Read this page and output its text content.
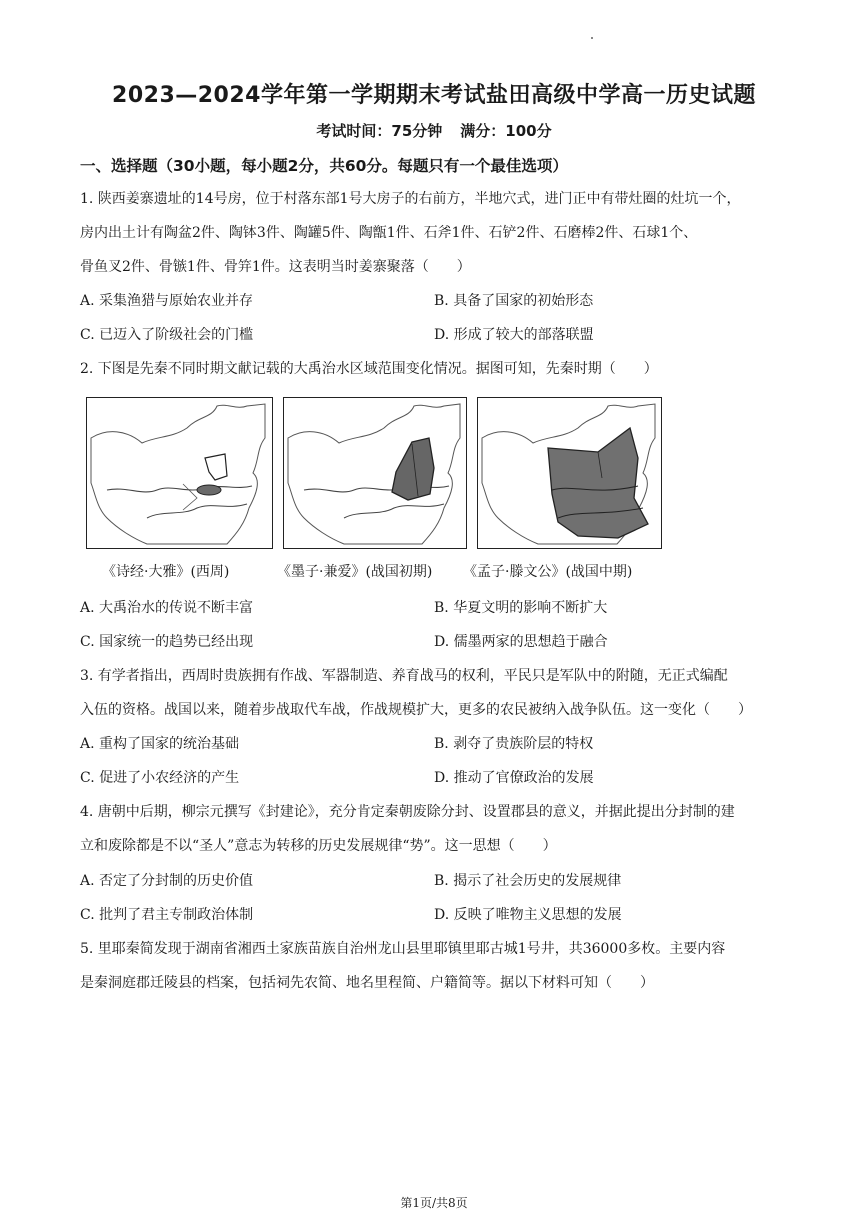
2023—2024学年第一学期期末考试盐田高级中学高一历史试题
考试时间：75分钟 满分：100分
一、选择题（30小题，每小题2分，共60分。每题只有一个最佳选项）
1. 陕西姜寨遗址的14号房，位于村落东部1号大房子的右前方，半地穴式，进门正中有带灶圈的灶坑一个，
房内出土计有陶盆2件、陶钵3件、陶罐5件、陶甑1件、石斧1件、石铲2件、石磨棒2件、石球1个、
骨鱼叉2件、骨镞1件、骨笄1件。这表明当时姜寨聚落（　　）
A. 采集渔猎与原始农业并存	B. 具备了国家的初始形态
C. 已迈入了阶级社会的门槛	D. 形成了较大的部落联盟
2. 下图是先秦不同时期文献记载的大禹治水区域范围变化情况。据图可知，先秦时期（　　）
《诗经·大雅》(西周)	《墨子·兼爱》(战国初期) 《孟子·滕文公》(战国中期)
A. 大禹治水的传说不断丰富	B. 华夏文明的影响不断扩大
C. 国家统一的趋势已经出现	D. 儒墨两家的思想趋于融合
3. 有学者指出，西周时贵族拥有作战、军器制造、养育战马的权利，平民只是军队中的附随，无正式编配
入伍的资格。战国以来，随着步战取代车战，作战规模扩大，更多的农民被纳入战争队伍。这一变化（　　）
A. 重构了国家的统治基础	B. 剥夺了贵族阶层的特权
C. 促进了小农经济的产生	D. 推动了官僚政治的发展
4. 唐朝中后期，柳宗元撰写《封建论》，充分肯定秦朝废除分封、设置郡县的意义，并据此提出分封制的建
立和废除都是不以“圣人”意志为转移的历史发展规律“势”。这一思想（　　）
A. 否定了分封制的历史价值	B. 揭示了社会历史的发展规律
C. 批判了君主专制政治体制	D. 反映了唯物主义思想的发展
5. 里耶秦简发现于湖南省湘西土家族苗族自治州龙山县里耶镇里耶古城1号井，共36000多枚。主要内容
是秦洞庭郡迁陵县的档案，包括祠先农简、地名里程简、户籍简等。据以下材料可知（　　）
第1页/共8页
